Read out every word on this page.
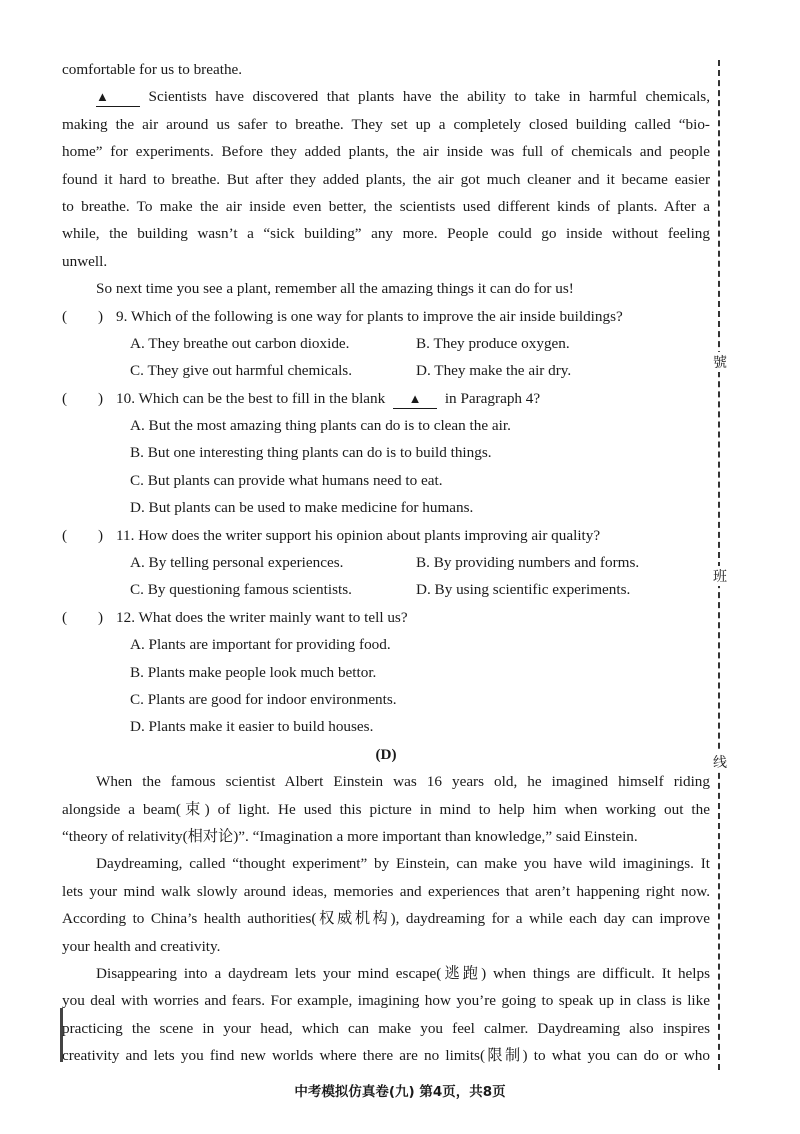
號
班
线
comfortable for us to breathe.
▲	Scientists have discovered that plants have the ability to take in harmful chemicals,
making the air around us safer to breathe. They set up a completely closed building called “bio-
home” for experiments. Before they added plants, the air inside was full of chemicals and people
found it hard to breathe. But after they added plants, the air got much cleaner and it became easier
to breathe. To make the air inside even better, the scientists used different kinds of plants. After a
while, the building wasn’t a “sick building” any more. People could go inside without feeling
unwell.
So next time you see a plant, remember all the amazing things it can do for us!
(	) 9. Which of the following is one way for plants to improve the air inside buildings?
A. They breathe out carbon dioxide.	B. They produce oxygen.
C. They give out harmful chemicals.	D. They make the air dry.
(	) 10. Which can be the best to fill in the blank ▲ in Paragraph 4?
A. But the most amazing thing plants can do is to clean the air.
B. But one interesting thing plants can do is to build things.
C. But plants can provide what humans need to eat.
D. But plants can be used to make medicine for humans.
(	) 11. How does the writer support his opinion about plants improving air quality?
A. By telling personal experiences.	B. By providing numbers and forms.
C. By questioning famous scientists.	D. By using scientific experiments.
(	) 12. What does the writer mainly want to tell us?
A. Plants are important for providing food.
B. Plants make people look much bettor.
C. Plants are good for indoor environments.
D. Plants make it easier to build houses.
(D)
When the famous scientist Albert Einstein was 16 years old, he imagined himself riding
alongside a beam(束) of light. He used this picture in mind to help him when working out the
“theory of relativity(相对论)”. “Imagination a more important than knowledge,” said Einstein.
Daydreaming, called “thought experiment” by Einstein, can make you have wild imaginings. It
lets your mind walk slowly around ideas, memories and experiences that aren’t happening right now.
According to China’s health authorities(权威机构), daydreaming for a while each day can improve
your health and creativity.
Disappearing into a daydream lets your mind escape(逃跑) when things are difficult. It helps
you deal with worries and fears. For example, imagining how you’re going to speak up in class is like
practicing the scene in your head, which can make you feel calmer. Daydreaming also inspires
creativity and lets you find new worlds where there are no limits(限制) to what you can do or who
中考模拟仿真卷(九) 第4页，共8页
